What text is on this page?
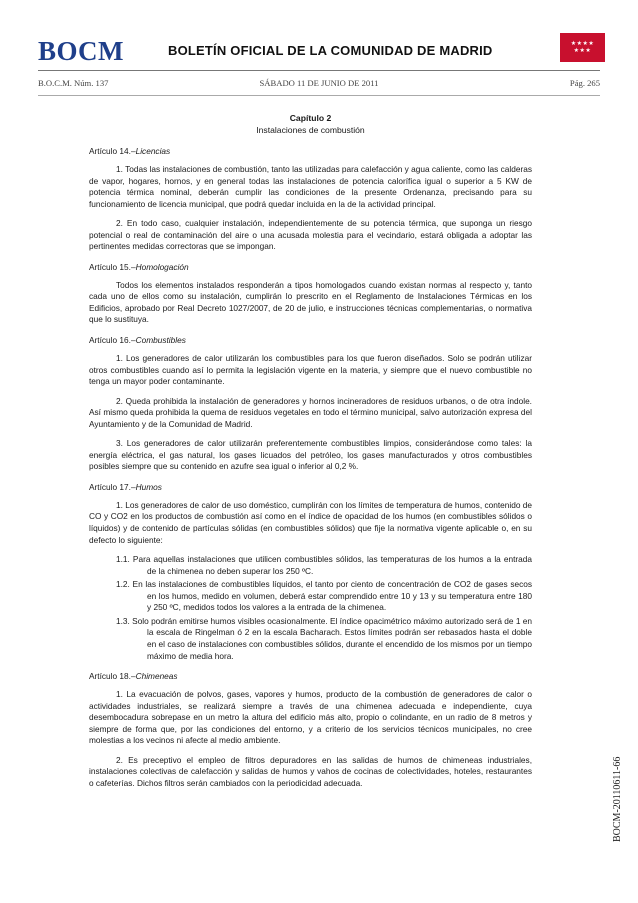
BOCM	BOLETÍN OFICIAL DE LA COMUNIDAD DE MADRID	★★★★
★★★
B.O.C.M. Núm. 137	SÁBADO 11 DE JUNIO DE 2011	Pág. 265
BOCM-20110611-66
Capítulo 2
Instalaciones de combustión
Artículo 14.–Licencias

1. Todas las instalaciones de combustión, tanto las utilizadas para calefacción y agua caliente, como las calderas de vapor, hogares, hornos, y en general todas las instalaciones de potencia calorífica igual o superior a 5 KW de potencia térmica nominal, deberán cumplir las condiciones de la presente Ordenanza, precisando para su funcionamiento de licencia municipal, que podrá quedar incluida en la de la actividad principal.

2. En todo caso, cualquier instalación, independientemente de su potencia térmica, que suponga un riesgo potencial o real de contaminación del aire o una acusada molestia para el vecindario, estará obligada a adoptar las pertinentes medidas correctoras que se impongan.

Artículo 15.–Homologación

Todos los elementos instalados responderán a tipos homologados cuando existan normas al respecto y, tanto cada uno de ellos como su instalación, cumplirán lo prescrito en el Reglamento de Instalaciones Térmicas en los Edificios, aprobado por Real Decreto 1027/2007, de 20 de julio, e instrucciones técnicas complementarias, o normativa que lo sustituya.

Artículo 16.–Combustibles

1. Los generadores de calor utilizarán los combustibles para los que fueron diseñados. Solo se podrán utilizar otros combustibles cuando así lo permita la legislación vigente en la materia, y siempre que el nuevo combustible no tenga un mayor poder contaminante.

2. Queda prohibida la instalación de generadores y hornos incineradores de residuos urbanos, o de otra índole. Así mismo queda prohibida la quema de residuos vegetales en todo el término municipal, salvo autorización expresa del Ayuntamiento y de la Comunidad de Madrid.

3. Los generadores de calor utilizarán preferentemente combustibles limpios, considerándose como tales: la energía eléctrica, el gas natural, los gases licuados del petróleo, los gases manufacturados y otros combustibles posibles siempre que su contenido en azufre sea igual o inferior al 0,2 %.

Artículo 17.–Humos

1. Los generadores de calor de uso doméstico, cumplirán con los límites de temperatura de humos, contenido de CO y CO2 en los productos de combustión así como en el índice de opacidad de los humos (en combustibles sólidos o líquidos) y de contenido de partículas sólidas (en combustibles sólidos) que fije la normativa vigente aplicable o, en su defecto lo siguiente:

1.1. Para aquellas instalaciones que utilicen combustibles sólidos, las temperaturas de los humos a la entrada de la chimenea no deben superar los 250 ºC.
1.2. En las instalaciones de combustibles líquidos, el tanto por ciento de concentración de CO2 de gases secos en los humos, medido en volumen, deberá estar comprendido entre 10 y 13 y su temperatura entre 180 y 250 ºC, medidos todos los valores a la entrada de la chimenea.
1.3. Solo podrán emitirse humos visibles ocasionalmente. El índice opacimétrico máximo autorizado será de 1 en la escala de Ringelman ó 2 en la escala Bacharach. Estos límites podrán ser rebasados hasta el doble en el caso de instalaciones con combustibles sólidos, durante el encendido de los mismos por un tiempo máximo de media hora.
Artículo 18.–Chimeneas

1. La evacuación de polvos, gases, vapores y humos, producto de la combustión de generadores de calor o actividades industriales, se realizará siempre a través de una chimenea adecuada e independiente, cuya desembocadura sobrepase en un metro la altura del edificio más alto, propio o colindante, en un radio de 8 metros y siempre de forma que, por las condiciones del entorno, y a criterio de los servicios técnicos municipales, no cree molestias a los vecinos ni afecte al medio ambiente.

2. Es preceptivo el empleo de filtros depuradores en las salidas de humos de chimeneas industriales, instalaciones colectivas de calefacción y salidas de humos y vahos de cocinas de colectividades, hoteles, restaurantes o cafeterías. Dichos filtros serán cambiados con la periodicidad adecuada.
